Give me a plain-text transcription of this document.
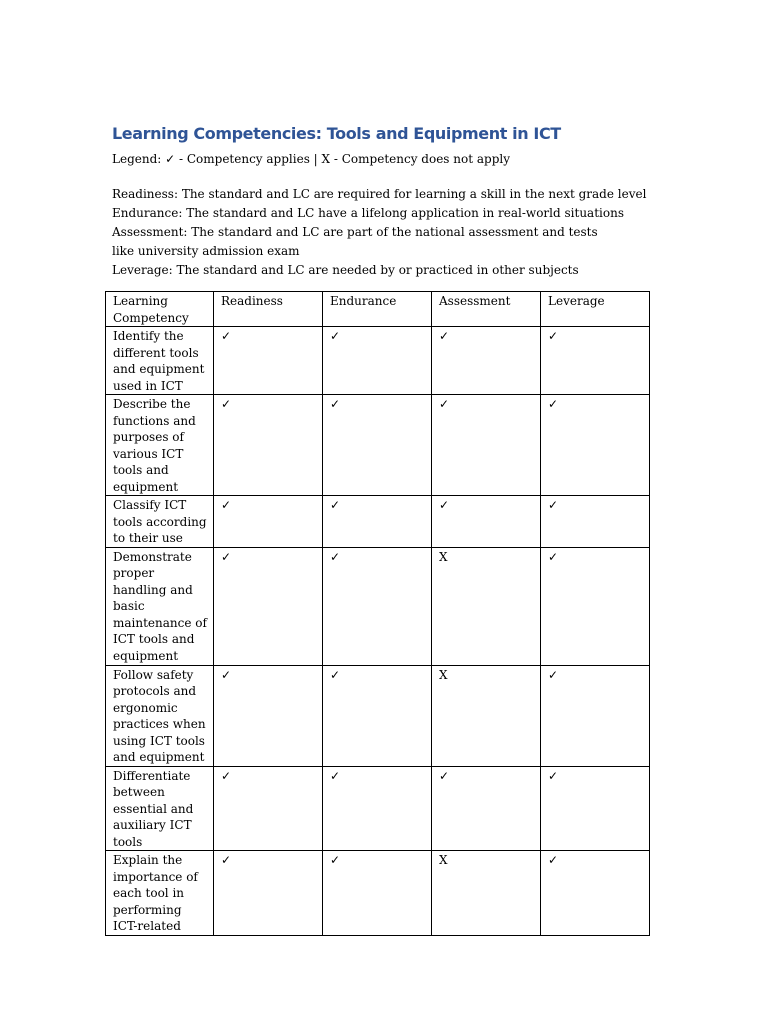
Learning Competencies: Tools and Equipment in ICT

Legend: ✓ - Competency applies | X - Competency does not apply

Readiness: The standard and LC are required for learning a skill in the next grade level

Endurance: The standard and LC have a lifelong application in real-world situations

Assessment: The standard and LC are part of the national assessment and tests like university admission exam

Leverage: The standard and LC are needed by or practiced in other subjects

Learning Competency	Readiness	Endurance	Assessment	Leverage
Identify the different tools and equipment used in ICT	✓	✓	✓	✓
Describe the functions and purposes of various ICT tools and equipment	✓	✓	✓	✓
Classify ICT tools according to their use	✓	✓	✓	✓
Demonstrate proper handling and basic maintenance of ICT tools and equipment	✓	✓	X	✓
Follow safety protocols and ergonomic practices when using ICT tools and equipment	✓	✓	X	✓
Differentiate between essential and auxiliary ICT tools	✓	✓	✓	✓
Explain the importance of each tool in performing ICT-related	✓	✓	X	✓
